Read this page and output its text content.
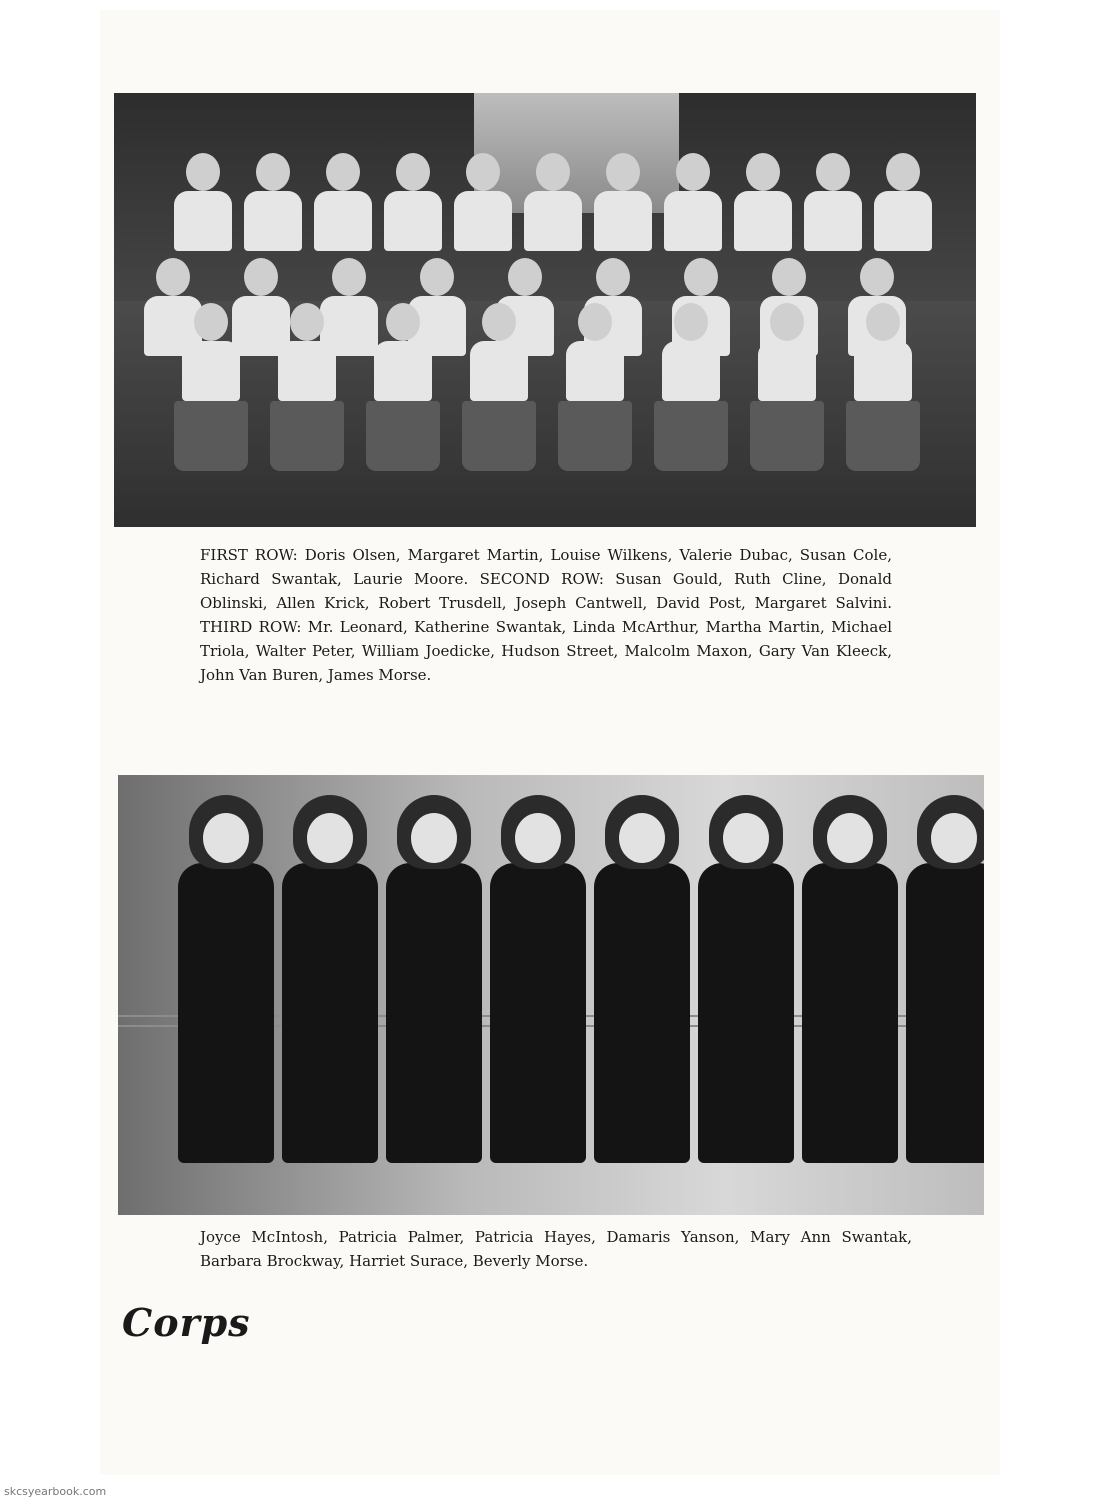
FIRST ROW: Doris Olsen, Margaret Martin, Louise Wilkens, Valerie Dubac, Susan Cole, Richard Swantak, Laurie Moore. SECOND ROW: Susan Gould, Ruth Cline, Donald Oblinski, Allen Krick, Robert Trusdell, Joseph Cantwell, David Post, Margaret Salvini. THIRD ROW: Mr. Leonard, Katherine Swantak, Linda McArthur, Martha Martin, Michael Triola, Walter Peter, William Joedicke, Hudson Street, Malcolm Maxon, Gary Van Kleeck, John Van Buren, James Morse.

Joyce McIntosh, Patricia Palmer, Patricia Hayes, Damaris Yanson, Mary Ann Swantak, Barbara Brockway, Harriet Surace, Beverly Morse.

Corps
skcsyearbook.com
